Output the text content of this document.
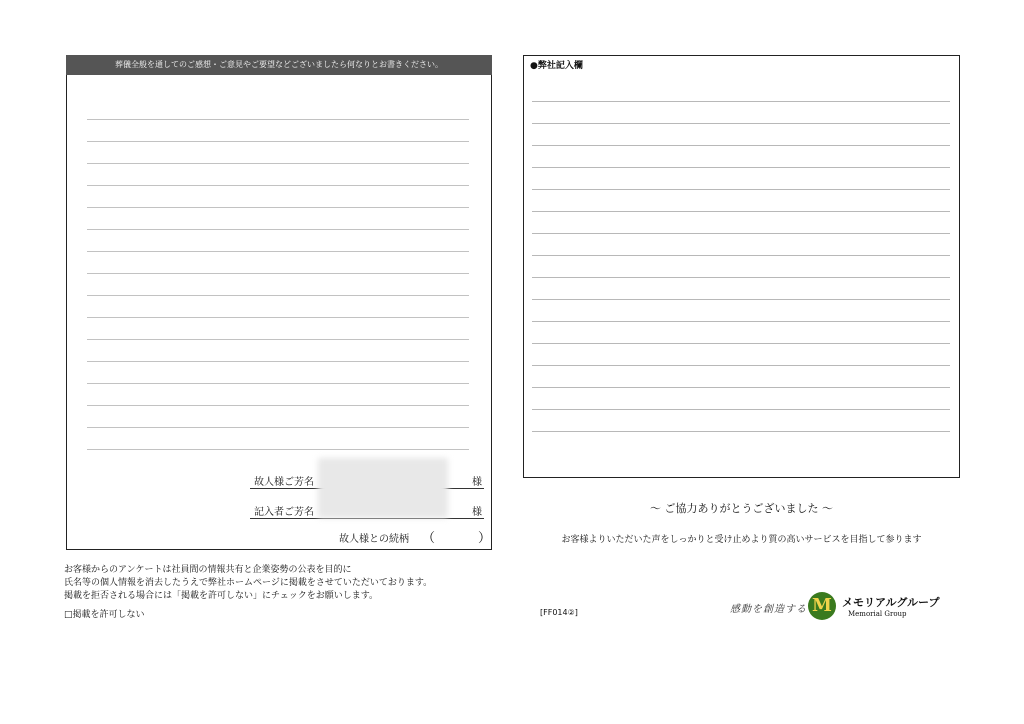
葬儀全般を通してのご感想・ご意見やご要望などございましたら何なりとお書きください。
故人様ご芳名	様
記入者ご芳名	様
故人様との続柄 （	）
●弊社記入欄
～ ご協力ありがとうございました ～
お客様よりいただいた声をしっかりと受け止めより質の高いサービスを目指して参ります
お客様からのアンケートは社員間の情報共有と企業姿勢の公表を目的に
氏名等の個人情報を消去したうえで弊社ホームページに掲載をさせていただいております。
掲載を拒否される場合には「掲載を許可しない」にチェックをお願いします。
□掲載を許可しない	[FF014②]	感動を創造する M メモリアルグループ
Memorial Group
